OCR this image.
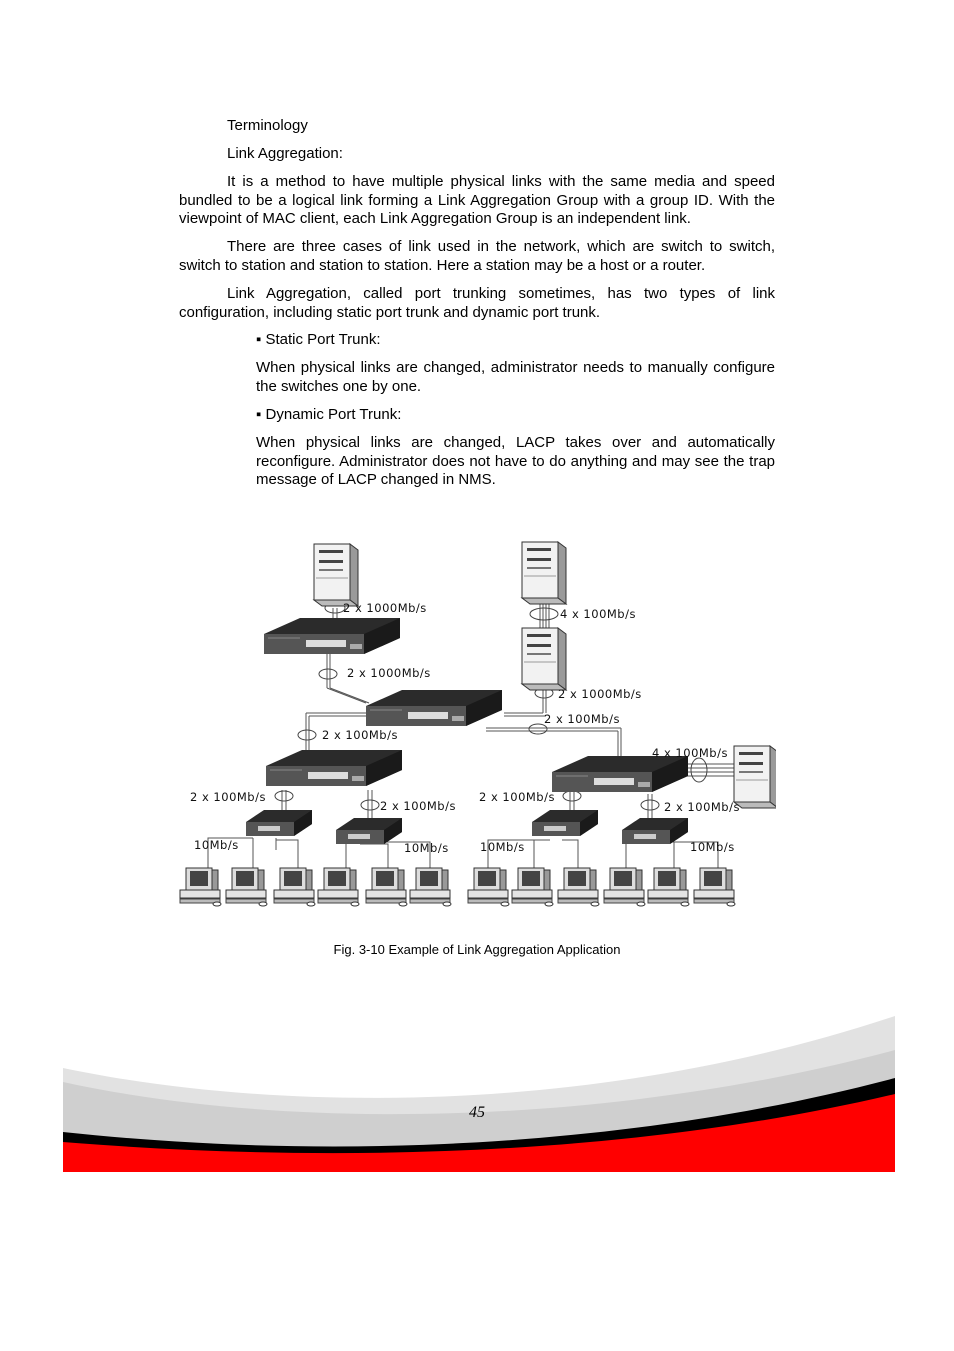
Terminology

Link Aggregation:

It is a method to have multiple physical links with the same media and speed bundled to be a logical link forming a Link Aggregation Group with a group ID. With the viewpoint of MAC client, each Link Aggregation Group is an independent link.

There are three cases of link used in the network, which are switch to switch, switch to station and station to station. Here a station may be a host or a router.

Link Aggregation, called port trunking sometimes, has two types of link configuration, including static port trunk and dynamic port trunk.

▪ Static Port Trunk:

When physical links are changed, administrator needs to manually configure the switches one by one.

▪ Dynamic Port Trunk:

When physical links are changed, LACP takes over and automatically reconfigure. Administrator does not have to do anything and may see the trap message of LACP changed in NMS.

2 x 1000Mb/s
2 x 1000Mb/s
4 x 100Mb/s
2 x 1000Mb/s
2 x 100Mb/s
2 x 100Mb/s
4 x 100Mb/s
2 x 100Mb/s
2 x 100Mb/s
2 x 100Mb/s
2 x 100Mb/s
10Mb/s	10Mb/s	10Mb/s	10Mb/s
Fig. 3-10 Example of Link Aggregation Application
45
